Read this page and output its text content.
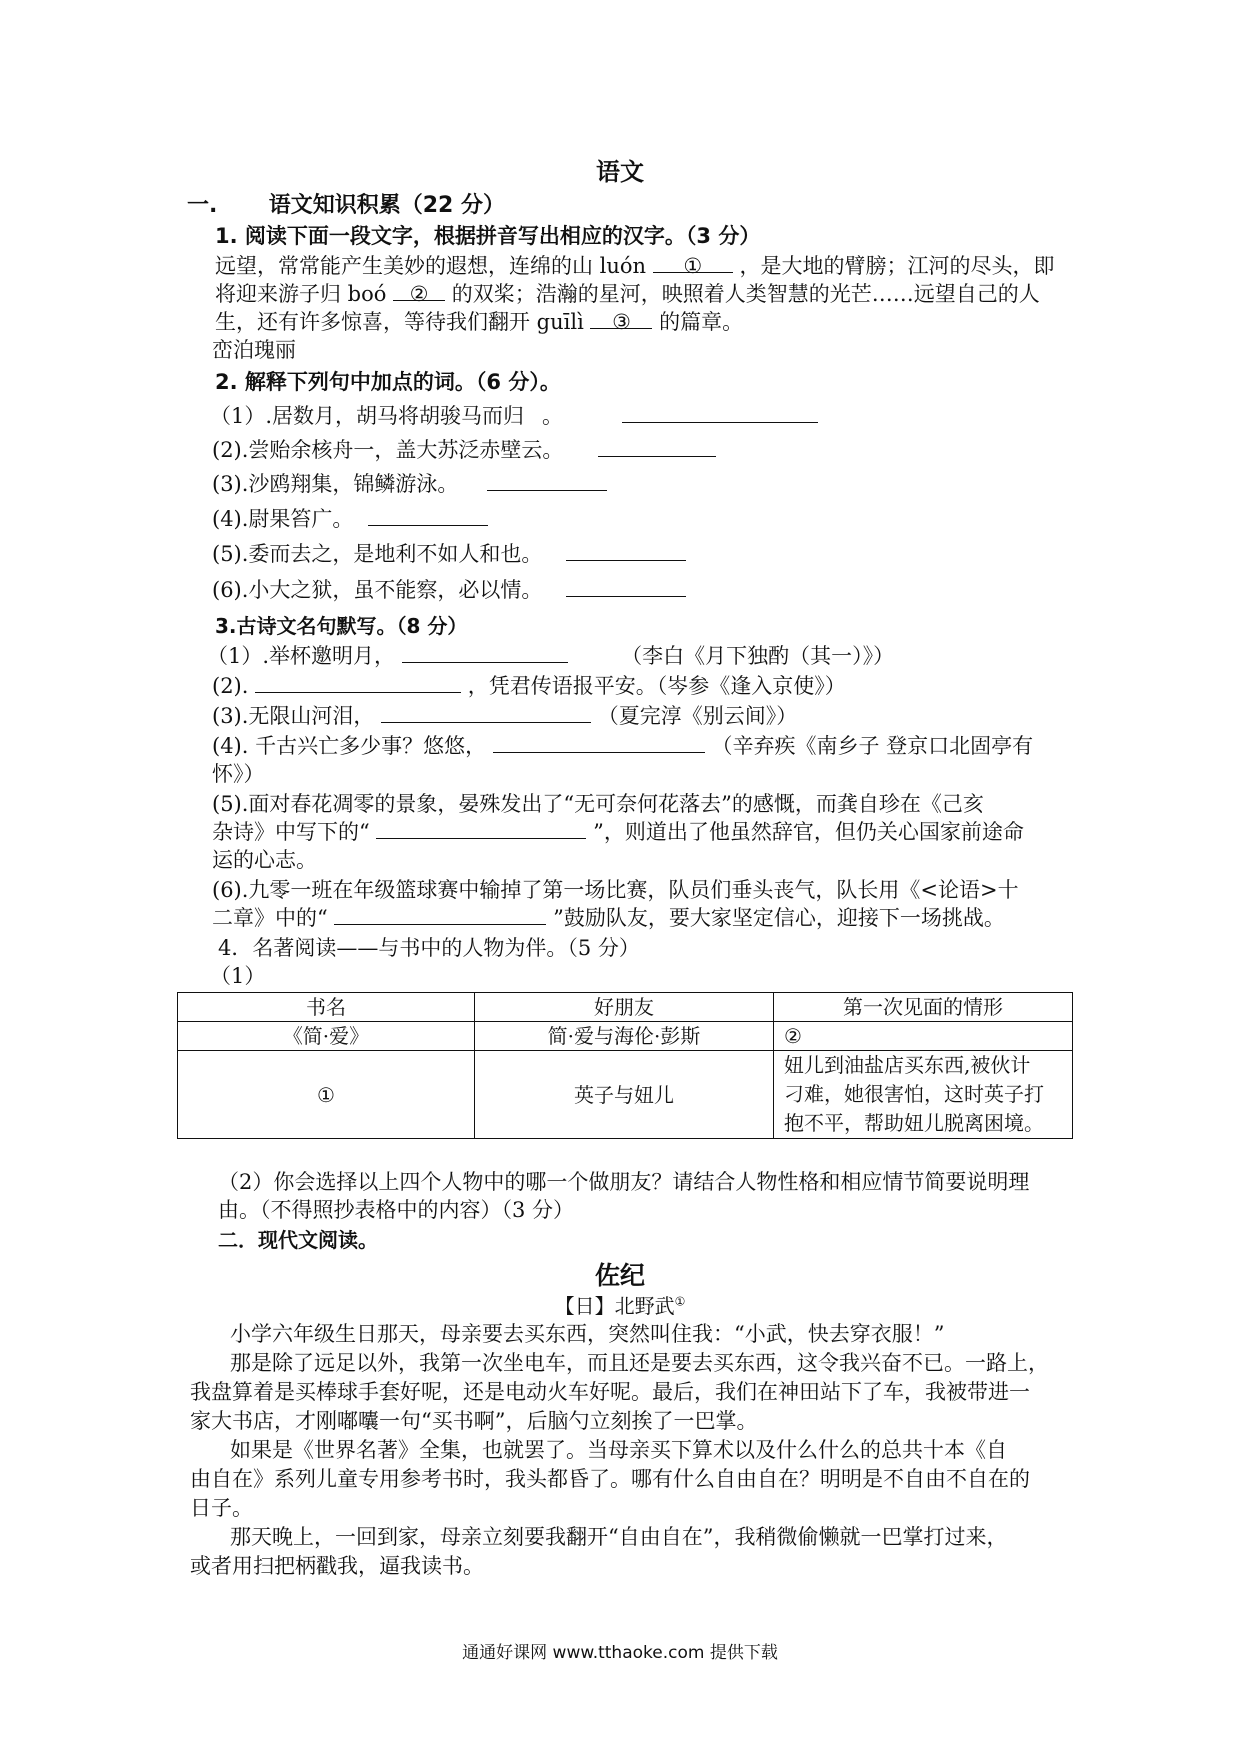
语文
一. 语文知识积累（22 分）
1. 阅读下面一段文字，根据拼音写出相应的汉字。（3 分）
远望，常常能产生美妙的遐想，连绵的山 luón ① ，是大地的臂膀；江河的尽头，即
将迎来游子归 boó ② 的双桨；浩瀚的星河，映照着人类智慧的光芒……远望自己的人
生，还有许多惊喜，等待我们翻开 guīlì ③ 的篇章。
峦泊瑰丽
2. 解释下列句中加点的词。（6 分）。
（1）.居数月，胡马将胡骏马而归 。
(2).尝贻余核舟一，盖大苏泛赤壁云。
(3).沙鸥翔集，锦鳞游泳。
(4).尉果笞广。
(5).委而去之，是地利不如人和也。
(6).小大之狱，虽不能察，必以情。
3.古诗文名句默写。（8 分）
（1）.举杯邀明月，	（李白《月下独酌（其一）》）
(2).	，凭君传语报平安。（岑参《逢入京使》）
(3).无限山河泪，	（夏完淳《别云间》）
(4). 千古兴亡多少事？悠悠，	（辛弃疾《南乡子 登京口北固亭有
怀》）
(5).面对春花凋零的景象，晏殊发出了“无可奈何花落去”的感慨，而龚自珍在《己亥
杂诗》中写下的“	”，则道出了他虽然辞官，但仍关心国家前途命
运的心志。
(6).九零一班在年级篮球赛中输掉了第一场比赛，队员们垂头丧气，队长用《<论语>十
二章》中的“	”鼓励队友，要大家坚定信心，迎接下一场挑战。
4．名著阅读——与书中的人物为伴。（5 分）
（1）
书名	好朋友	第一次见面的情形
《简·爱》	简·爱与海伦·彭斯	②
①	英子与妞儿	妞儿到油盐店买东西,被伙计
刁难，她很害怕，这时英子打
抱不平，帮助妞儿脱离困境。
（2）你会选择以上四个人物中的哪一个做朋友？请结合人物性格和相应情节简要说明理
由。（不得照抄表格中的内容）（3 分）
二．现代文阅读。
佐纪
【日】北野武①
小学六年级生日那天，母亲要去买东西，突然叫住我：“小武，快去穿衣服！”
那是除了远足以外，我第一次坐电车，而且还是要去买东西，这令我兴奋不已。一路上，
我盘算着是买棒球手套好呢，还是电动火车好呢。最后，我们在神田站下了车，我被带进一
家大书店，才刚嘟囔一句“买书啊”，后脑勺立刻挨了一巴掌。
如果是《世界名著》全集，也就罢了。当母亲买下算术以及什么什么的总共十本《自
由自在》系列儿童专用参考书时，我头都昏了。哪有什么自由自在？明明是不自由不自在的
日子。
那天晚上，一回到家，母亲立刻要我翻开“自由自在”，我稍微偷懒就一巴掌打过来，
或者用扫把柄戳我，逼我读书。
通通好课网 www.tthaoke.com 提供下载
